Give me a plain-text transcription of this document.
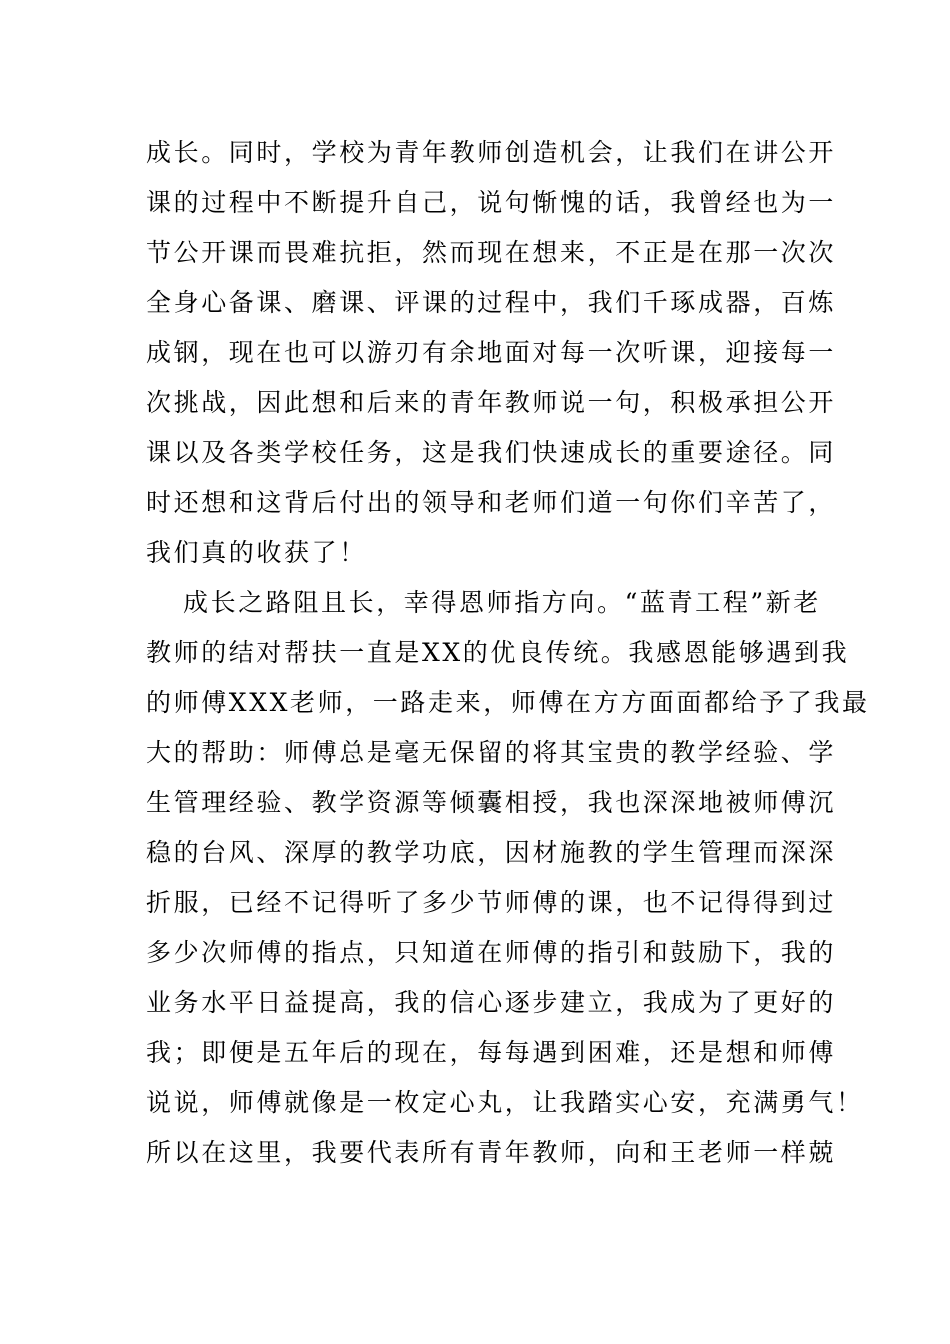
成长。同时，学校为青年教师创造机会，让我们在讲公开
课的过程中不断提升自己，说句惭愧的话，我曾经也为一
节公开课而畏难抗拒，然而现在想来，不正是在那一次次
全身心备课、磨课、评课的过程中，我们千琢成器，百炼
成钢，现在也可以游刃有余地面对每一次听课，迎接每一
次挑战，因此想和后来的青年教师说一句，积极承担公开
课以及各类学校任务，这是我们快速成长的重要途径。同
时还想和这背后付出的领导和老师们道一句你们辛苦了，
我们真的收获了！
成长之路阻且长，幸得恩师指方向。“蓝青工程”新老
教师的结对帮扶一直是XX的优良传统。我感恩能够遇到我
的师傅XXX老师，一路走来，师傅在方方面面都给予了我最
大的帮助：师傅总是毫无保留的将其宝贵的教学经验、学
生管理经验、教学资源等倾囊相授，我也深深地被师傅沉
稳的台风、深厚的教学功底，因材施教的学生管理而深深
折服，已经不记得听了多少节师傅的课，也不记得得到过
多少次师傅的指点，只知道在师傅的指引和鼓励下，我的
业务水平日益提高，我的信心逐步建立，我成为了更好的
我；即便是五年后的现在，每每遇到困难，还是想和师傅
说说，师傅就像是一枚定心丸，让我踏实心安，充满勇气！
所以在这里，我要代表所有青年教师，向和王老师一样兢
